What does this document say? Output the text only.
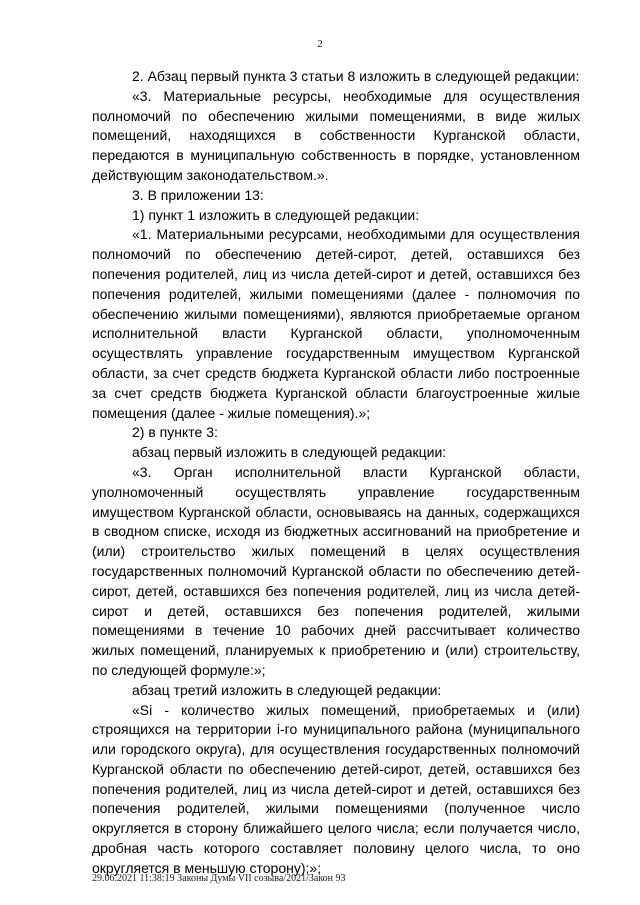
2

2. Абзац первый пункта 3 статьи 8 изложить в следующей редакции:

«3. Материальные ресурсы, необходимые для осуществления полномочий по обеспечению жилыми помещениями, в виде жилых помещений, находящихся в собственности Курганской области, передаются в муниципальную собственность в порядке, установленном действующим законодательством.».

3. В приложении 13:

1) пункт 1 изложить в следующей редакции:

«1. Материальными ресурсами, необходимыми для осуществления полномочий по обеспечению детей-сирот, детей, оставшихся без попечения родителей, лиц из числа детей-сирот и детей, оставшихся без попечения родителей, жилыми помещениями (далее - полномочия по обеспечению жилыми помещениями), являются приобретаемые органом исполнительной власти Курганской области, уполномоченным осуществлять управление государственным имуществом Курганской области, за счет средств бюджета Курганской области либо построенные за счет средств бюджета Курганской области благоустроенные жилые помещения (далее - жилые помещения).»;

2) в пункте 3:

абзац первый изложить в следующей редакции:

«3. Орган исполнительной власти Курганской области, уполномоченный осуществлять управление государственным имуществом Курганской области, основываясь на данных, содержащихся в сводном списке, исходя из бюджетных ассигнований на приобретение и (или) строительство жилых помещений в целях осуществления государственных полномочий Курганской области по обеспечению детей-сирот, детей, оставшихся без попечения родителей, лиц из числа детей-сирот и детей, оставшихся без попечения родителей, жилыми помещениями в течение 10 рабочих дней рассчитывает количество жилых помещений, планируемых к приобретению и (или) строительству, по следующей формуле:»;

абзац третий изложить в следующей редакции:

«Si - количество жилых помещений, приобретаемых и (или) строящихся на территории i-го муниципального района (муниципального или городского округа), для осуществления государственных полномочий Курганской области по обеспечению детей-сирот, детей, оставшихся без попечения родителей, лиц из числа детей-сирот и детей, оставшихся без попечения родителей, жилыми помещениями (полученное число округляется в сторону ближайшего целого числа; если получается число, дробная часть которого составляет половину целого числа, то оно округляется в меньшую сторону);»;

29.06.2021 11:38:19 Законы Думы VII созыва/2021/Закон 93
